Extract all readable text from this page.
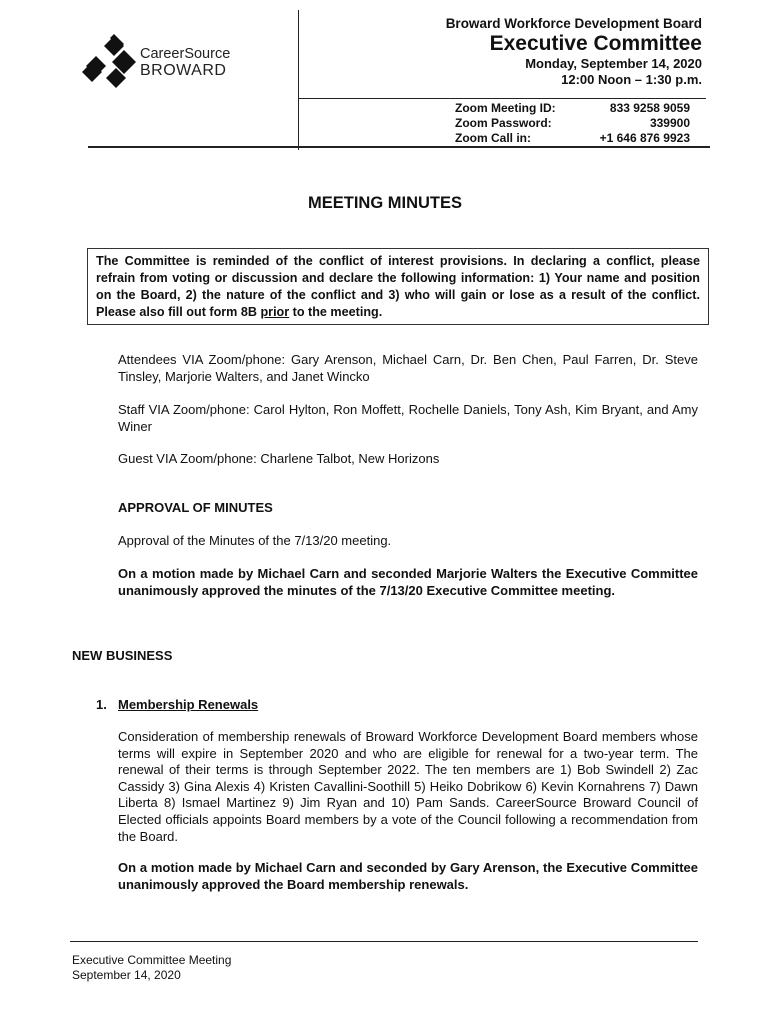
CareerSource
BROWARD
Broward Workforce Development Board
Executive Committee
Monday, September 14, 2020
12:00 Noon – 1:30 p.m.
Zoom Meeting ID:	833 9258 9059
Zoom Password:	339900
Zoom Call in:	+1 646 876 9923
MEETING MINUTES
The Committee is reminded of the conflict of interest provisions. In declaring a conflict, please refrain from voting or discussion and declare the following information: 1) Your name and position on the Board, 2) the nature of the conflict and 3) who will gain or lose as a result of the conflict. Please also fill out form 8B prior to the meeting.
Attendees VIA Zoom/phone: Gary Arenson, Michael Carn, Dr. Ben Chen, Paul Farren, Dr. Steve Tinsley, Marjorie Walters, and Janet Wincko
Staff VIA Zoom/phone: Carol Hylton, Ron Moffett, Rochelle Daniels, Tony Ash, Kim Bryant, and Amy Winer
Guest VIA Zoom/phone: Charlene Talbot, New Horizons
APPROVAL OF MINUTES
Approval of the Minutes of the 7/13/20 meeting.
On a motion made by Michael Carn and seconded Marjorie Walters the Executive Committee unanimously approved the minutes of the 7/13/20 Executive Committee meeting.
NEW BUSINESS
1. Membership Renewals
Consideration of membership renewals of Broward Workforce Development Board members whose terms will expire in September 2020 and who are eligible for renewal for a two-year term. The renewal of their terms is through September 2022. The ten members are 1) Bob Swindell 2) Zac Cassidy 3) Gina Alexis 4) Kristen Cavallini-Soothill 5) Heiko Dobrikow 6) Kevin Kornahrens 7) Dawn Liberta 8) Ismael Martinez 9) Jim Ryan and 10) Pam Sands. CareerSource Broward Council of Elected officials appoints Board members by a vote of the Council following a recommendation from the Board.
On a motion made by Michael Carn and seconded by Gary Arenson, the Executive Committee unanimously approved the Board membership renewals.
Executive Committee Meeting
September 14, 2020
